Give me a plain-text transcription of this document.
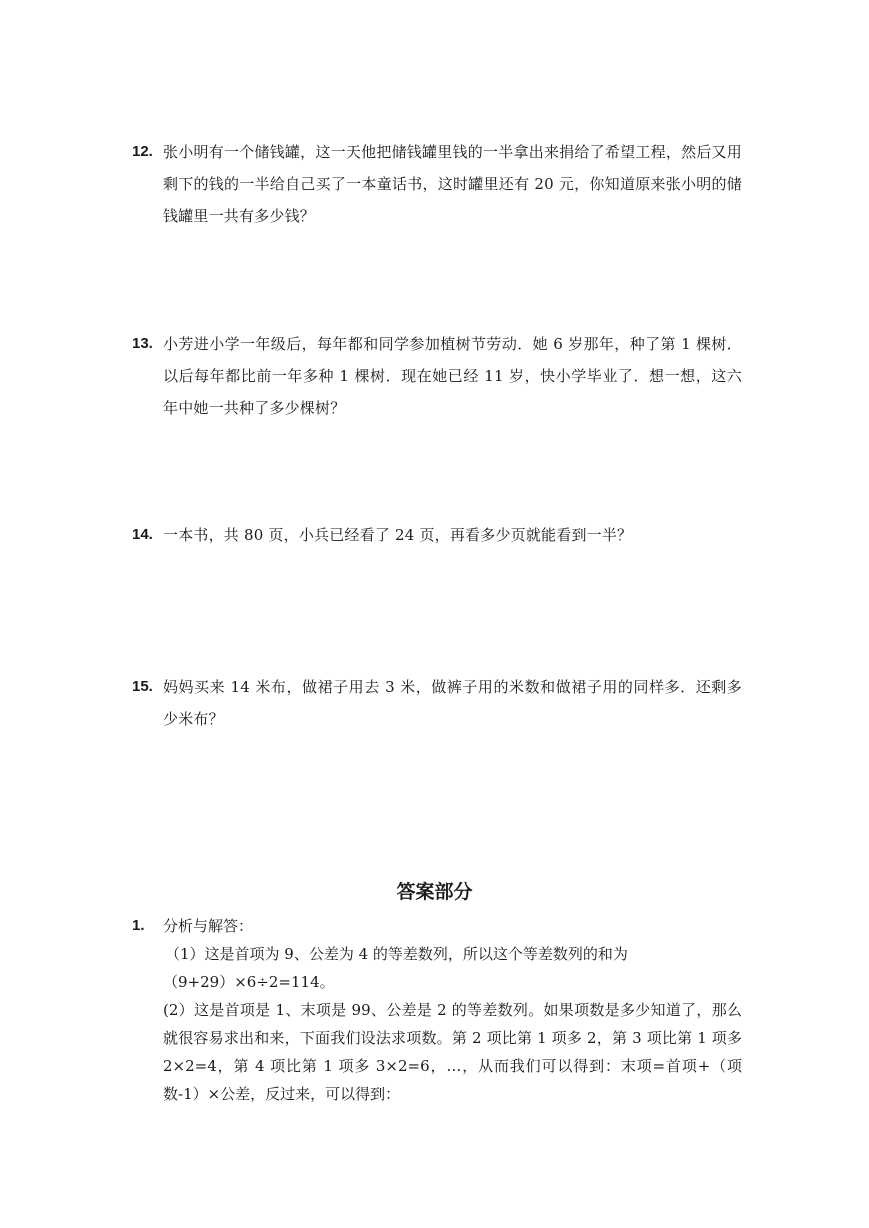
12. 张小明有一个储钱罐，这一天他把储钱罐里钱的一半拿出来捐给了希望工程，然后又用剩下的钱的一半给自己买了一本童话书，这时罐里还有 20 元，你知道原来张小明的储钱罐里一共有多少钱？
13. 小芳进小学一年级后，每年都和同学参加植树节劳动．她 6 岁那年，种了第 1 棵树．以后每年都比前一年多种 1 棵树．现在她已经 11 岁，快小学毕业了．想一想，这六年中她一共种了多少棵树？
14. 一本书，共 80 页，小兵已经看了 24 页，再看多少页就能看到一半？
15. 妈妈买来 14 米布，做裙子用去 3 米，做裤子用的米数和做裙子用的同样多．还剩多少米布？
答案部分
1. 分析与解答：
（1）这是首项为 9、公差为 4 的等差数列，所以这个等差数列的和为
（9+29）×6÷2=114。
(2）这是首项是 1、末项是 99、公差是 2 的等差数列。如果项数是多少知道了，那么就很容易求出和来，下面我们设法求项数。第 2 项比第 1 项多 2，第 3 项比第 1 项多 2×2=4，第 4 项比第 1 项多 3×2=6，…，从而我们可以得到：末项=首项+（项数-1）×公差，反过来，可以得到：
